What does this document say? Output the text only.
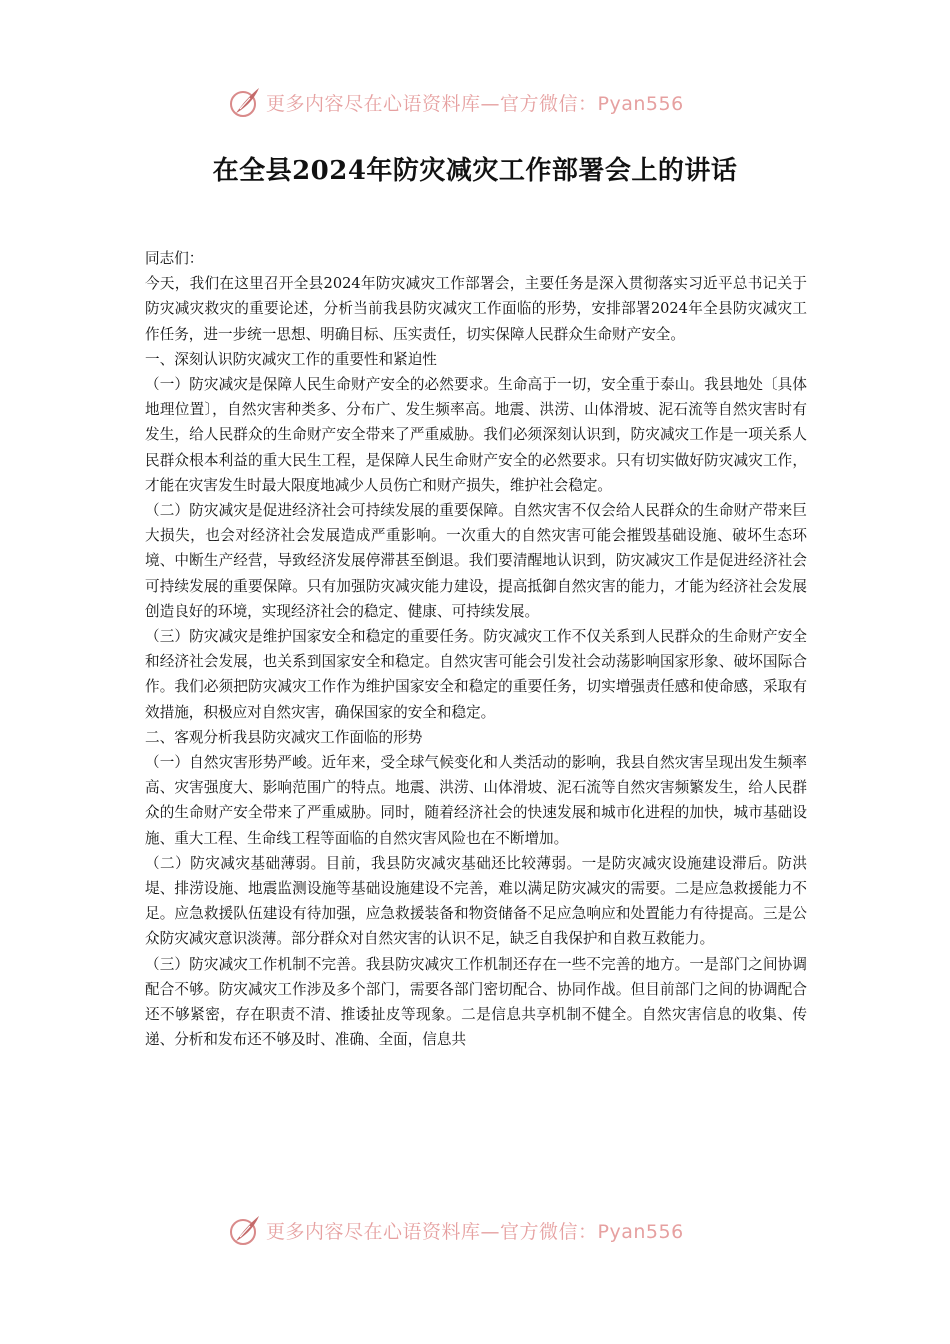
更多内容尽在心语资料库—官方微信：Pyan556
在全县2024年防灾减灾工作部署会上的讲话

同志们：

今天，我们在这里召开全县2024年防灾减灾工作部署会，主要任务是深入贯彻落实习近平总书记关于防灾减灾救灾的重要论述，分析当前我县防灾减灾工作面临的形势，安排部署2024年全县防灾减灾工作任务，进一步统一思想、明确目标、压实责任，切实保障人民群众生命财产安全。

一、深刻认识防灾减灾工作的重要性和紧迫性

（一）防灾减灾是保障人民生命财产安全的必然要求。生命高于一切，安全重于泰山。我县地处〔具体地理位置〕，自然灾害种类多、分布广、发生频率高。地震、洪涝、山体滑坡、泥石流等自然灾害时有发生，给人民群众的生命财产安全带来了严重威胁。我们必须深刻认识到，防灾减灾工作是一项关系人民群众根本利益的重大民生工程，是保障人民生命财产安全的必然要求。只有切实做好防灾减灾工作，才能在灾害发生时最大限度地减少人员伤亡和财产损失，维护社会稳定。

（二）防灾减灾是促进经济社会可持续发展的重要保障。自然灾害不仅会给人民群众的生命财产带来巨大损失，也会对经济社会发展造成严重影响。一次重大的自然灾害可能会摧毁基础设施、破坏生态环境、中断生产经营，导致经济发展停滞甚至倒退。我们要清醒地认识到，防灾减灾工作是促进经济社会可持续发展的重要保障。只有加强防灾减灾能力建设，提高抵御自然灾害的能力，才能为经济社会发展创造良好的环境，实现经济社会的稳定、健康、可持续发展。

（三）防灾减灾是维护国家安全和稳定的重要任务。防灾减灾工作不仅关系到人民群众的生命财产安全和经济社会发展，也关系到国家安全和稳定。自然灾害可能会引发社会动荡影响国家形象、破坏国际合作。我们必须把防灾减灾工作作为维护国家安全和稳定的重要任务，切实增强责任感和使命感，采取有效措施，积极应对自然灾害，确保国家的安全和稳定。

二、客观分析我县防灾减灾工作面临的形势

（一）自然灾害形势严峻。近年来，受全球气候变化和人类活动的影响，我县自然灾害呈现出发生频率高、灾害强度大、影响范围广的特点。地震、洪涝、山体滑坡、泥石流等自然灾害频繁发生，给人民群众的生命财产安全带来了严重威胁。同时，随着经济社会的快速发展和城市化进程的加快，城市基础设施、重大工程、生命线工程等面临的自然灾害风险也在不断增加。

（二）防灾减灾基础薄弱。目前，我县防灾减灾基础还比较薄弱。一是防灾减灾设施建设滞后。防洪堤、排涝设施、地震监测设施等基础设施建设不完善，难以满足防灾减灾的需要。二是应急救援能力不足。应急救援队伍建设有待加强，应急救援装备和物资储备不足应急响应和处置能力有待提高。三是公众防灾减灾意识淡薄。部分群众对自然灾害的认识不足，缺乏自我保护和自救互救能力。

（三）防灾减灾工作机制不完善。我县防灾减灾工作机制还存在一些不完善的地方。一是部门之间协调配合不够。防灾减灾工作涉及多个部门，需要各部门密切配合、协同作战。但目前部门之间的协调配合还不够紧密，存在职责不清、推诿扯皮等现象。二是信息共享机制不健全。自然灾害信息的收集、传递、分析和发布还不够及时、准确、全面，信息共

更多内容尽在心语资料库—官方微信：Pyan556
